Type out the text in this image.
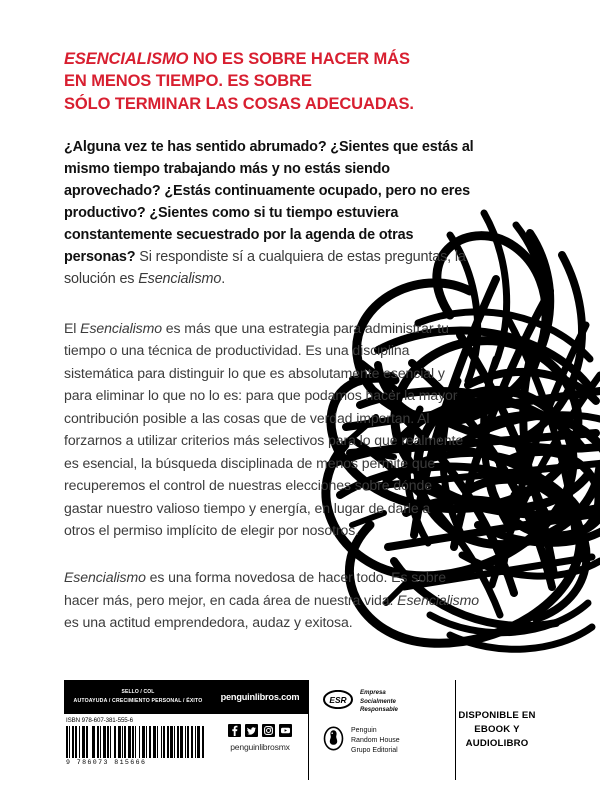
ESENCIALISMO NO ES SOBRE HACER MÁS
EN MENOS TIEMPO. ES SOBRE
SÓLO TERMINAR LAS COSAS ADECUADAS.
¿Alguna vez te has sentido abrumado? ¿Sientes que estás al mismo tiempo trabajando más y no estás siendo aprovechado? ¿Estás continuamente ocupado, pero no eres productivo? ¿Sientes como si tu tiempo estuviera constantemente secuestrado por la agenda de otras personas? Si respondiste sí a cualquiera de estas preguntas, la solución es Esencialismo.
El Esencialismo es más que una estrategia para administrar tu tiempo o una técnica de productividad. Es una disciplina sistemática para distinguir lo que es absolutamente esencial y para eliminar lo que no lo es: para que podamos hacer la mayor contribución posible a las cosas que de verdad importan. Al forzarnos a utilizar criterios más selectivos para lo que realmente es esencial, la búsqueda disciplinada de menos permite que recuperemos el control de nuestras elecciones sobre dónde gastar nuestro valioso tiempo y energía, en lugar de darle a otros el permiso implícito de elegir por nosotros.
Esencialismo es una forma novedosa de hacer todo. Es sobre hacer más, pero mejor, en cada área de nuestra vida. Esencialismo es una actitud emprendedora, audaz y exitosa.
SELLO / COL
AUTOAYUDA / CRECIMIENTO PERSONAL / ÉXITO	penguinlibros.com
ISBN 978-607-381-555-6
9 786073 815666
penguinlibrosmx
ESR
Empresa
Socialmente
Responsable
Penguin
Random House
Grupo Editorial
DISPONIBLE EN
EBOOK Y AUDIOLIBRO
